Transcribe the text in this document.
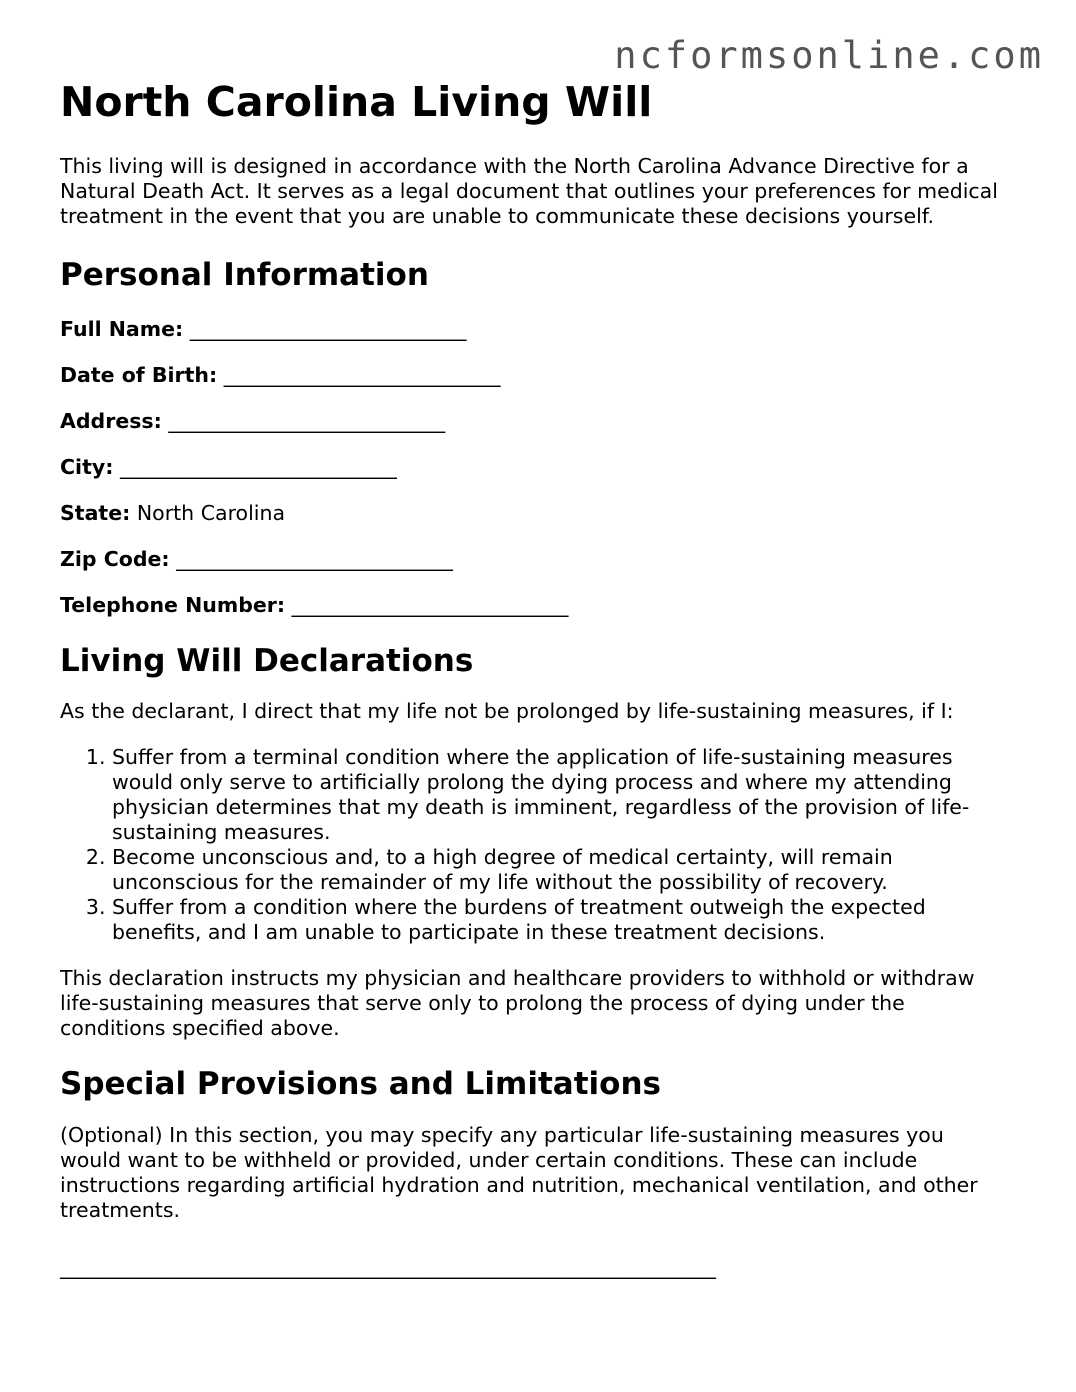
ncformsonline.com
North Carolina Living Will

This living will is designed in accordance with the North Carolina Advance Directive for a Natural Death Act. It serves as a legal document that outlines your preferences for medical treatment in the event that you are unable to communicate these decisions yourself.

Personal Information
Full Name: ___________________________
Date of Birth: ___________________________
Address: ___________________________
City: ___________________________
State: North Carolina
Zip Code: ___________________________
Telephone Number: ___________________________
Living Will Declarations

As the declarant, I direct that my life not be prolonged by life-sustaining measures, if I:

1. Suffer from a terminal condition where the application of life-sustaining measures would only serve to artificially prolong the dying process and where my attending physician determines that my death is imminent, regardless of the provision of life-sustaining measures.
2. Become unconscious and, to a high degree of medical certainty, will remain unconscious for the remainder of my life without the possibility of recovery.
3. Suffer from a condition where the burdens of treatment outweigh the expected benefits, and I am unable to participate in these treatment decisions.

This declaration instructs my physician and healthcare providers to withhold or withdraw life-sustaining measures that serve only to prolong the process of dying under the conditions specified above.

Special Provisions and Limitations

(Optional) In this section, you may specify any particular life-sustaining measures you would want to be withheld or provided, under certain conditions. These can include instructions regarding artificial hydration and nutrition, mechanical ventilation, and other treatments.

________________________________________________________________
